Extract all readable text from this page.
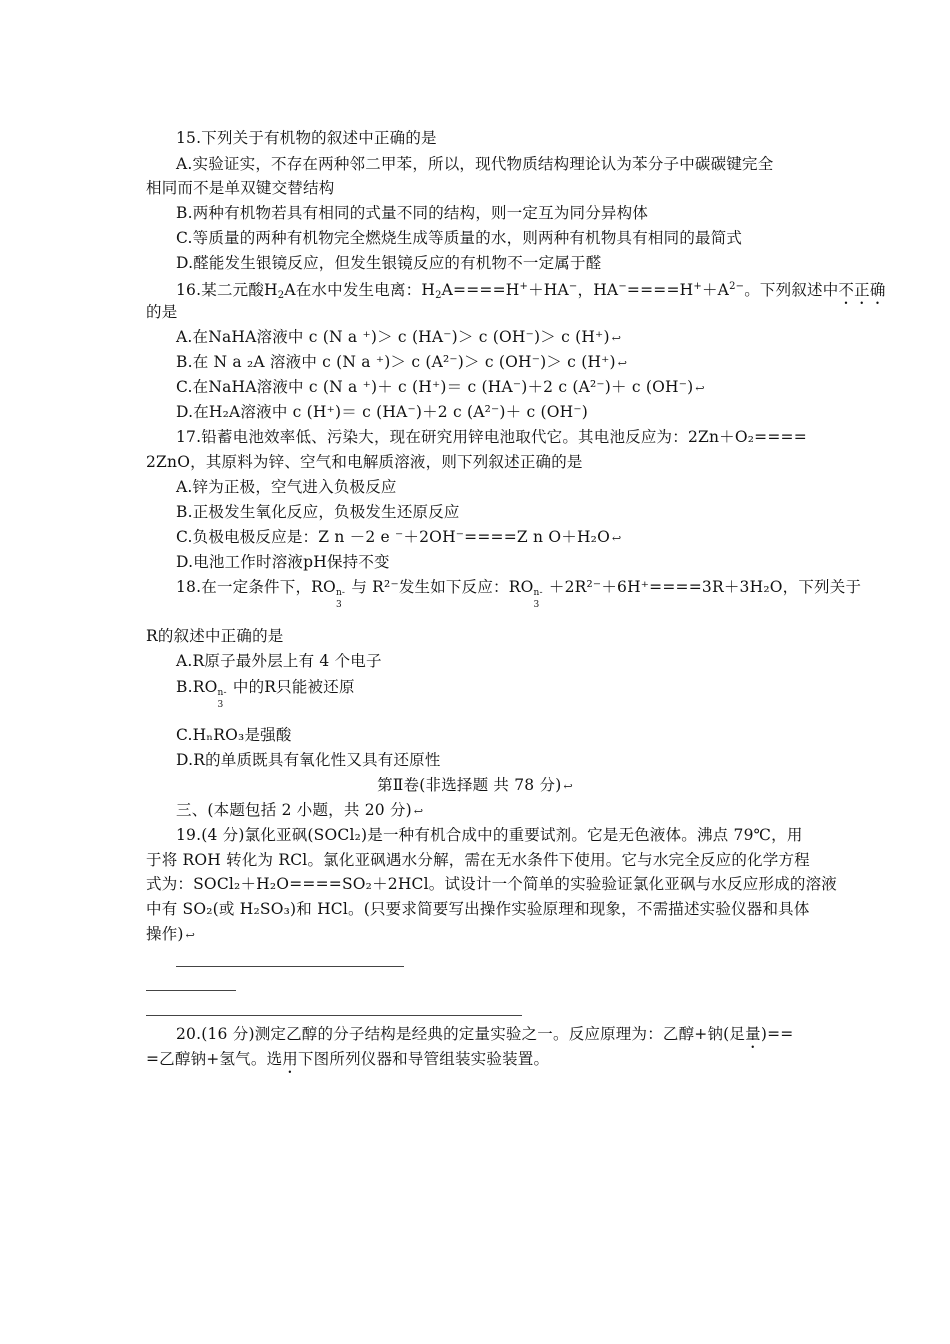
15.下列关于有机物的叙述中正确的是
A.实验证实，不存在两种邻二甲苯，所以，现代物质结构理论认为苯分子中碳碳键完全
相同而不是单双键交替结构
B.两种有机物若具有相同的式量不同的结构，则一定互为同分异构体
C.等质量的两种有机物完全燃烧生成等质量的水，则两种有机物具有相同的最简式
D.醛能发生银镜反应，但发生银镜反应的有机物不一定属于醛
16.某二元酸$H_2A$在水中发生电离：$H_2A====H^++HA^-$，$HA^-====H^++A^{2-}$。下列叙述中不正确
的是
A.在NaHA溶液中 c (N a ⁺)＞ c (HA⁻)＞ c (OH⁻)＞ c (H⁺) ↩
B.在 N a ₂A 溶液中 c (N a ⁺)＞ c (A²⁻)＞ c (OH⁻)＞ c (H⁺) ↩
C.在NaHA溶液中 c (N a ⁺)＋ c (H⁺)＝ c (HA⁻)＋2 c (A²⁻)＋ c (OH⁻) ↩
D.在H₂A溶液中 c (H⁺)＝ c (HA⁻)＋2 c (A²⁻)＋ c (OH⁻)
17.铅蓄电池效率低、污染大，现在研究用锌电池取代它。其电池反应为：2Zn＋O₂====
2ZnO，其原料为锌、空气和电解质溶液，则下列叙述正确的是
A.锌为正极，空气进入负极反应
B.正极发生氧化反应，负极发生还原反应
C.负极电极反应是：Z n －2 e ⁻＋2OH⁻====Z n O＋H₂O ↩
D.电池工作时溶液pH保持不变
18.在一定条件下，RO n-
3
与 R²⁻发生如下反应：RO n-
3
＋2R²⁻＋6H⁺====3R＋3H₂O，下列关于
R的叙述中正确的是
A.R原子最外层上有 4 个电子
B.RO n-
3
中的R只能被还原
C.HₙRO₃是强酸
D.R的单质既具有氧化性又具有还原性
第Ⅱ卷(非选择题 共 78 分) ↩
三、(本题包括 2 小题，共 20 分) ↩
19.(4 分)氯化亚砜(SOCl₂)是一种有机合成中的重要试剂。它是无色液体。沸点 79℃，用
于将 ROH 转化为 RCl。氯化亚砜遇水分解，需在无水条件下使用。它与水完全反应的化学方程
式为：SOCl₂＋H₂O====SO₂＋2HCl。试设计一个简单的实验验证氯化亚砜与水反应形成的溶液
中有 SO₂(或 H₂SO₃)和 HCl。(只要求简要写出操作实验原理和现象，不需描述实验仪器和具体
操作) ↩
20.(16 分)测定乙醇的分子结构是经典的定量实验之一。反应原理为：乙醇+钠(足量)==
=乙醇钠+氢气。选用下图所列仪器和导管组装实验装置。
